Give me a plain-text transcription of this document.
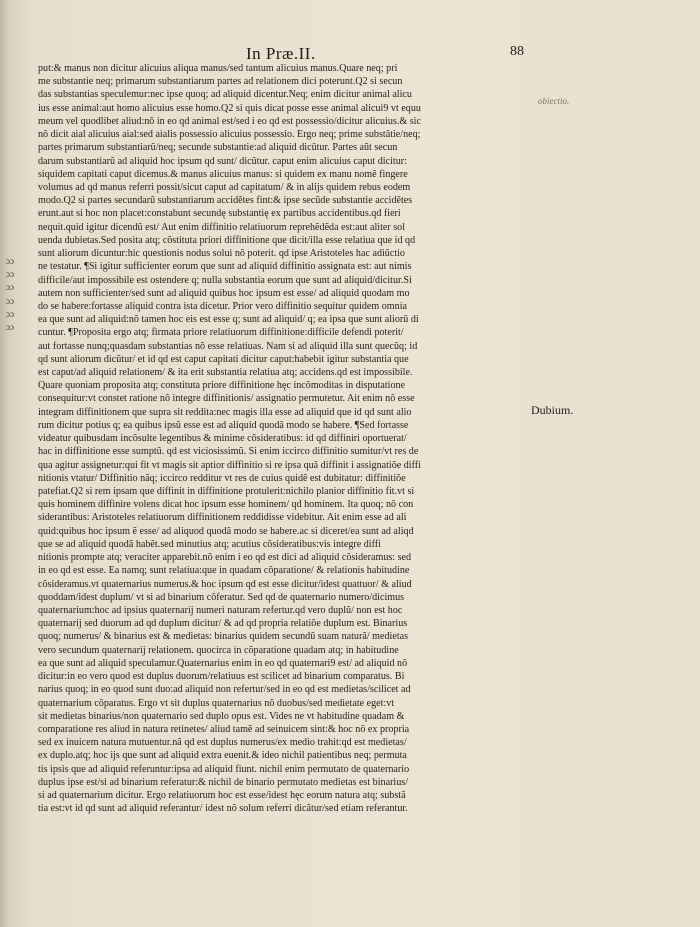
In Præ.II.	88
ɔɔ
ɔɔ
ɔɔ
ɔɔ
ɔɔ
ɔɔ
put:& manus non dicitur alicuius aliqua manus/sed tantum alicuius manus.Quare neq; pri
me substantie neq; primarum substantiarum partes ad relationem dici poterunt.Q2 si secun
das substantias speculemur:nec ipse quoq; ad aliquid dicentur.Neq; enim dicitur animal alicu
ius esse animal:aut homo alicuius esse homo.Q2 si quis dicat posse esse animal alicui9 vt equu
meum vel quodlibet aliud:nõ in eo qd animal est/sed i eo qd est possessio/dicitur alicuius.& sic
nõ dicit aial alicuius aial:sed aialis possessio alicuius possessio. Ergo neq; prime substãtie/neq;
partes primarum substantiarũ/neq; secunde substantie:ad aliquid dicũtur. Partes aũt secun
darum substantiarũ ad aliquid hoc ipsum qd sunt/ dicũtur. caput enim alicuius caput dicitur:
siquidem capitati caput dicemus.& manus alicuius manus: si quidem ex manu nomẽ fingere
volumus ad qd manus referri possit/sicut caput ad capitatum/ & in alijs quidem rebus eodem
modo.Q2 si partes secundarũ substantiarum accidẽtes fint:& ipse secũde substantie accidẽtes
erunt.aut si hoc non placet:constabunt secundę substantię ex partibus accidentibus.qd fieri
nequit.quid igitur dicendũ est/ Aut enim diffinitio relatiuorum reprehẽdẽda est:aut aliter sol
uenda dubietas.Sed posita atq; cõstituta priori diffinitione que dicit/illa esse relatiua que id qd
sunt aliorum dicuntur:hic questionis nodus solui nõ poterit. qd ipse Aristoteles hac adiũctio
ne testatur. ¶Si igitur sufficienter eorum que sunt ad aliquid diffinitio assignata est: aut nimis
difficile/aut impossibile est ostendere q; nulla substantia eorum que sunt ad aliquid/dicitur.Si
autem non sufficienter/sed sunt ad aliquid quibus hoc ipsum est esse/ ad aliquid quodam mo
do se habere:fortasse aliquid contra ista dicetur. Prior vero diffinitio sequitur quidem omnia
ea que sunt ad aliquid:nõ tamen hoc eis est esse q; sunt ad aliquid/ q; ea ipsa que sunt aliorũ di
cuntur. ¶Proposita ergo atq; firmata priore relatiuorum diffinitione:difficile defendi poterit/
aut fortasse nunq;quasdam substantias nõ esse relatiuas. Nam si ad aliquid illa sunt quecũq; id
qd sunt aliorum dicũtur/ et id qd est caput capitati dicitur caput:habebit igitur substantia que
est caput/ad aliquid relationem/ & ita erit substantia relatiua atq; accidens.qd est impossibile.
Quare quoniam proposita atq; constituta priore diffinitione hęc incõmoditas in disputatione
consequitur:vt constet ratione nõ integre diffinitionis/ assignatio permutetur. Ait enim nõ esse
integram diffinitionem que supra sit reddita:nec magis illa esse ad aliquid que id qd sunt alio
rum dicitur potius q; ea quibus ipsũ esse est ad aliquid quodã modo se habere. ¶Sed fortasse
videatur quibusdam incõsulte legentibus & minime cõsideratibus: id qd diffiniri oportuerat/
hac in diffinitione esse sumptũ. qd est viciosissimũ. Si enim iccirco diffinitio sumitur/vt res de
qua agitur assignetur:qui fit vt magis sit aptior diffinitio si re ipsa quã diffinit i assignatiõe diffi
nitionis vtatur/ Diffinitio nãq; iccirco redditur vt res de cuius quidẽ est dubitatur: diffinitiõe
patefiat.Q2 si rem ipsam que diffinit in diffinitione protulerit:nichilo planior diffinitio fit.vt si
quis hominem diffinire volens dicat hoc ipsum esse hominem/ qd hominem. Ita quoq; nõ con
siderantibus: Aristoteles relatiuorum diffinitionem reddidisse videbitur. Ait enim esse ad ali
quid:quibus hoc ipsum ẽ esse/ ad aliquod quodã modo se habere.ac si diceret/ea sunt ad aliqd
que se ad aliquid quodã habẽt.sed minutius atq; acutius cõsideratibus:vis integre diffi
nitionis prompte atq; veraciter apparebit.nõ enim i eo qd est dici ad aliquid cõsideramus: sed
in eo qd est esse. Ea namq; sunt relatiua:que in quadam cõparatione/ & relationis habitudine
cõsideramus.vt quaternarius numerus.& hoc ipsum qd est esse dicitur/idest quattuor/ & aliud
quoddam/idest duplum/ vt si ad binarium cõferatur. Sed qd de quaternario numero/dicimus
quaternarium:hoc ad ipsius quaternarij numeri naturam refertur.qd vero duplũ/ non est hoc
quaternarij sed duorum ad qd duplum dicitur/ & ad qd propria relatiõe duplum est. Binarius
quoq; numerus/ & binarius est & medietas: binarius quidem secundũ suam naturã/ medietas
vero secundum quaternarij relationem. quocirca in cõparatione quadam atq; in habitudine
ea que sunt ad aliquid speculamur.Quaternarius enim in eo qd quaternari9 est/ ad aliquid nõ
dicitur:in eo vero quod est duplus duorum/relatiuus est scilicet ad binarium comparatus. Bi
narius quoq; in eo quod sunt duo:ad aliquid non refertur/sed in eo qd est medietas/scilicet ad
quaternarium cõparatus. Ergo vt sit duplus quaternarius nõ duobus/sed medietate eget:vt
sit medietas binarius/non quaternario sed duplo opus est. Vides ne vt habitudine quadam &
comparatione res aliud in natura retinetes/ aliud tamẽ ad seinuicem sint:& hoc nõ ex propria
sed ex inuicem natura mutuentur.nã qd est duplus numerus/ex medio trahit:qd est medietas/
ex duplo.atq; hoc ijs que sunt ad aliquid extra euenit.& ideo nichil patientibus neq; permuta
tis ipsis que ad aliquid referuntur:ipsa ad aliquid fiunt. nichil enim permutato de quaternario
duplus ipse est/si ad binarium referatur:& nichil de binario permutato medietas est binarius/
si ad quaternarium dicitur. Ergo relatiuorum hoc est esse/idest hęc eorum natura atq; substã
tia est:vt id qd sunt ad aliquid referantur/ idest nõ solum referri dicãtur/sed etiam referantur.
obiectio.
Dubium.
